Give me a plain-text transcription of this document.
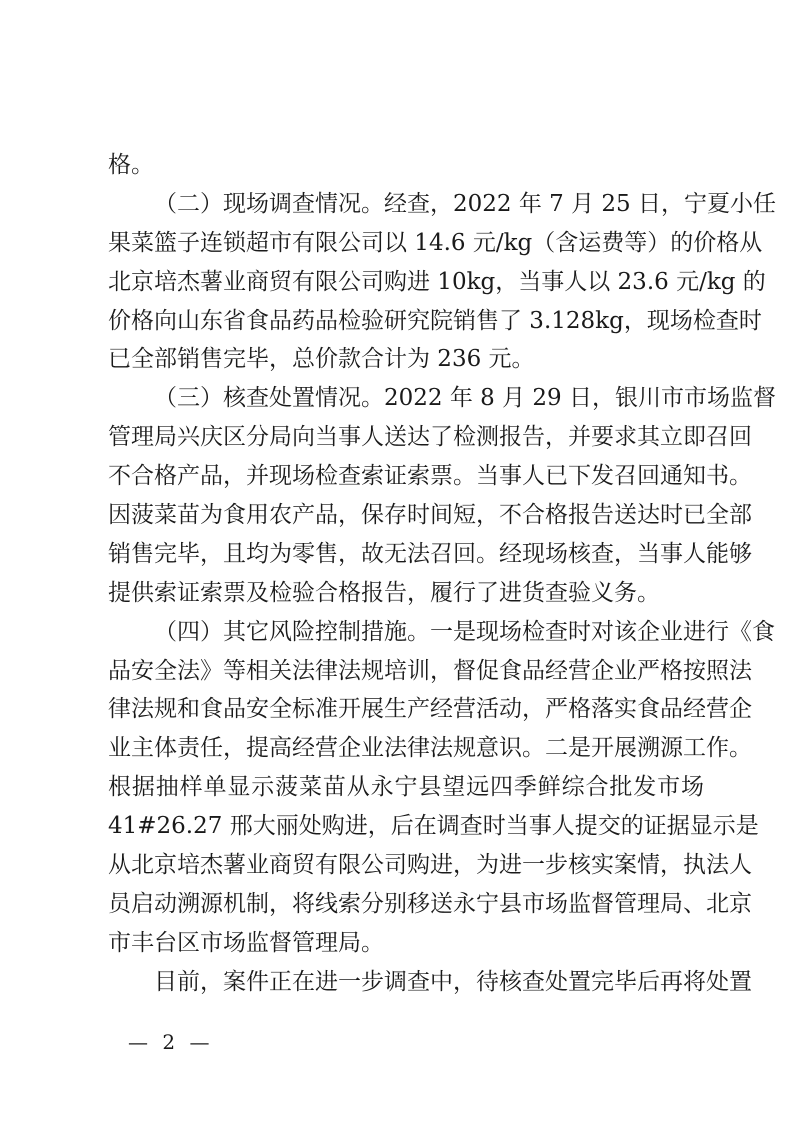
格。
（二）现场调查情况。经查，2022 年 7 月 25 日，宁夏小任
果菜篮子连锁超市有限公司以 14.6 元/kg（含运费等）的价格从
北京培杰薯业商贸有限公司购进 10kg，当事人以 23.6 元/kg 的
价格向山东省食品药品检验研究院销售了 3.128kg，现场检查时
已全部销售完毕，总价款合计为 236 元。
（三）核查处置情况。2022 年 8 月 29 日，银川市市场监督
管理局兴庆区分局向当事人送达了检测报告，并要求其立即召回
不合格产品，并现场检查索证索票。当事人已下发召回通知书。
因菠菜苗为食用农产品，保存时间短，不合格报告送达时已全部
销售完毕，且均为零售，故无法召回。经现场核查，当事人能够
提供索证索票及检验合格报告，履行了进货查验义务。
（四）其它风险控制措施。一是现场检查时对该企业进行《食
品安全法》等相关法律法规培训，督促食品经营企业严格按照法
律法规和食品安全标准开展生产经营活动，严格落实食品经营企
业主体责任，提高经营企业法律法规意识。二是开展溯源工作。
根据抽样单显示菠菜苗从永宁县望远四季鲜综合批发市场
41#26.27 邢大丽处购进，后在调查时当事人提交的证据显示是
从北京培杰薯业商贸有限公司购进，为进一步核实案情，执法人
员启动溯源机制，将线索分别移送永宁县市场监督管理局、北京
市丰台区市场监督管理局。
目前，案件正在进一步调查中，待核查处置完毕后再将处置
— 2 —
